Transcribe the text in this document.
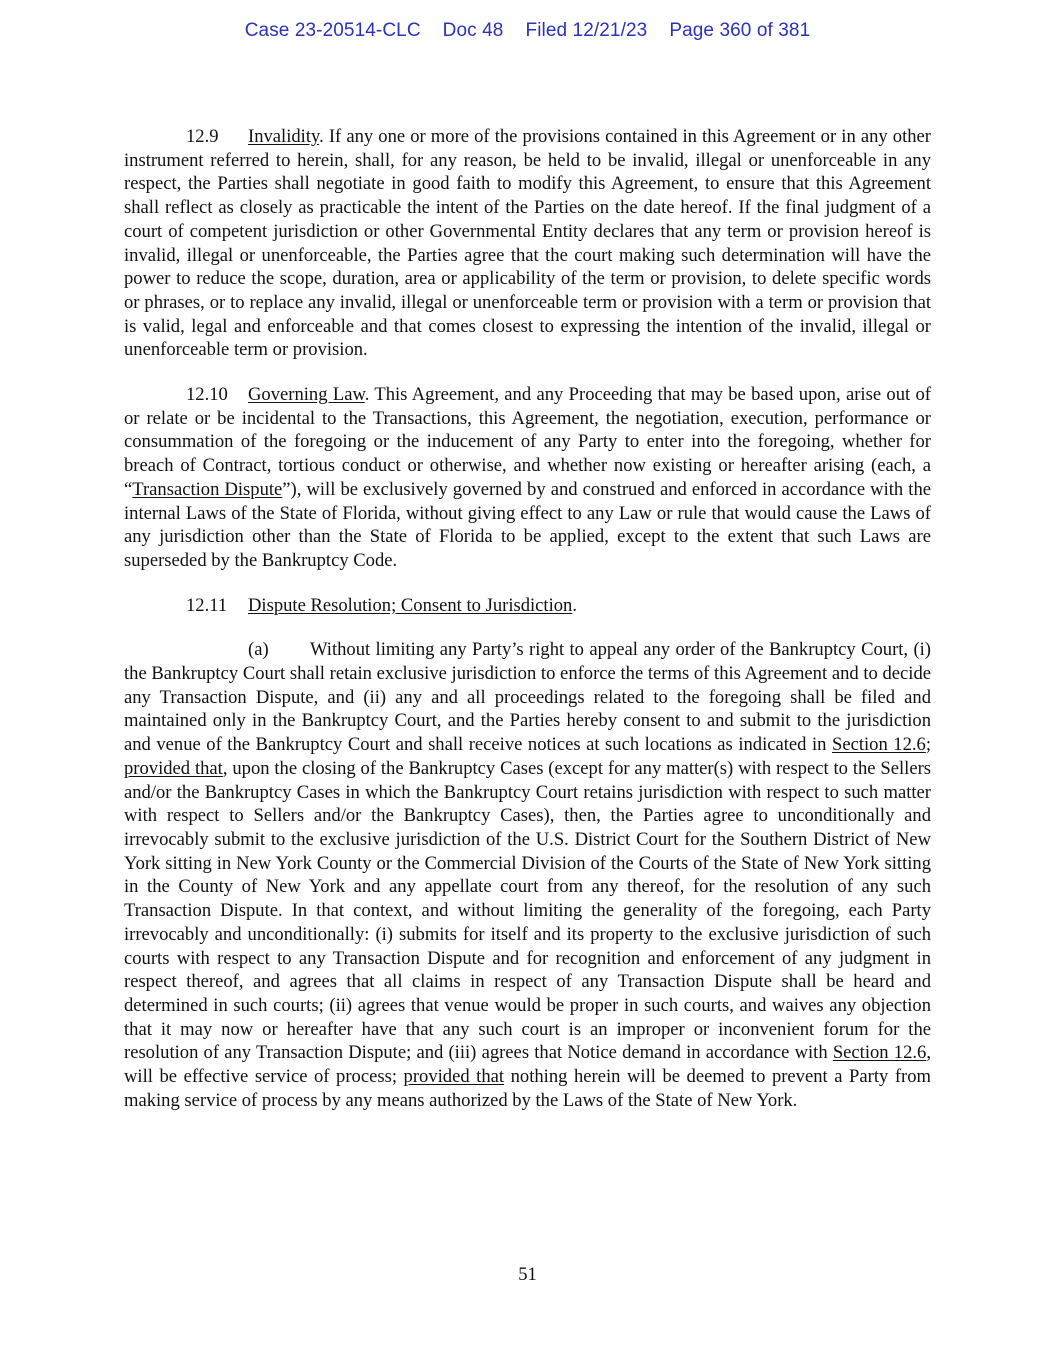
Case 23-20514-CLC Doc 48 Filed 12/21/23 Page 360 of 381

12.9 Invalidity. If any one or more of the provisions contained in this Agreement or in any other instrument referred to herein, shall, for any reason, be held to be invalid, illegal or unenforceable in any respect, the Parties shall negotiate in good faith to modify this Agreement, to ensure that this Agreement shall reflect as closely as practicable the intent of the Parties on the date hereof. If the final judgment of a court of competent jurisdiction or other Governmental Entity declares that any term or provision hereof is invalid, illegal or unenforceable, the Parties agree that the court making such determination will have the power to reduce the scope, duration, area or applicability of the term or provision, to delete specific words or phrases, or to replace any invalid, illegal or unenforceable term or provision with a term or provision that is valid, legal and enforceable and that comes closest to expressing the intention of the invalid, illegal or unenforceable term or provision.

12.10 Governing Law. This Agreement, and any Proceeding that may be based upon, arise out of or relate or be incidental to the Transactions, this Agreement, the negotiation, execution, performance or consummation of the foregoing or the inducement of any Party to enter into the foregoing, whether for breach of Contract, tortious conduct or otherwise, and whether now existing or hereafter arising (each, a “Transaction Dispute”), will be exclusively governed by and construed and enforced in accordance with the internal Laws of the State of Florida, without giving effect to any Law or rule that would cause the Laws of any jurisdiction other than the State of Florida to be applied, except to the extent that such Laws are superseded by the Bankruptcy Code.

12.11 Dispute Resolution; Consent to Jurisdiction.

(a) Without limiting any Party’s right to appeal any order of the Bankruptcy Court, (i) the Bankruptcy Court shall retain exclusive jurisdiction to enforce the terms of this Agreement and to decide any Transaction Dispute, and (ii) any and all proceedings related to the foregoing shall be filed and maintained only in the Bankruptcy Court, and the Parties hereby consent to and submit to the jurisdiction and venue of the Bankruptcy Court and shall receive notices at such locations as indicated in Section 12.6; provided that, upon the closing of the Bankruptcy Cases (except for any matter(s) with respect to the Sellers and/or the Bankruptcy Cases in which the Bankruptcy Court retains jurisdiction with respect to such matter with respect to Sellers and/or the Bankruptcy Cases), then, the Parties agree to unconditionally and irrevocably submit to the exclusive jurisdiction of the U.S. District Court for the Southern District of New York sitting in New York County or the Commercial Division of the Courts of the State of New York sitting in the County of New York and any appellate court from any thereof, for the resolution of any such Transaction Dispute. In that context, and without limiting the generality of the foregoing, each Party irrevocably and unconditionally: (i) submits for itself and its property to the exclusive jurisdiction of such courts with respect to any Transaction Dispute and for recognition and enforcement of any judgment in respect thereof, and agrees that all claims in respect of any Transaction Dispute shall be heard and determined in such courts; (ii) agrees that venue would be proper in such courts, and waives any objection that it may now or hereafter have that any such court is an improper or inconvenient forum for the resolution of any Transaction Dispute; and (iii) agrees that Notice demand in accordance with Section 12.6, will be effective service of process; provided that nothing herein will be deemed to prevent a Party from making service of process by any means authorized by the Laws of the State of New York.

51
